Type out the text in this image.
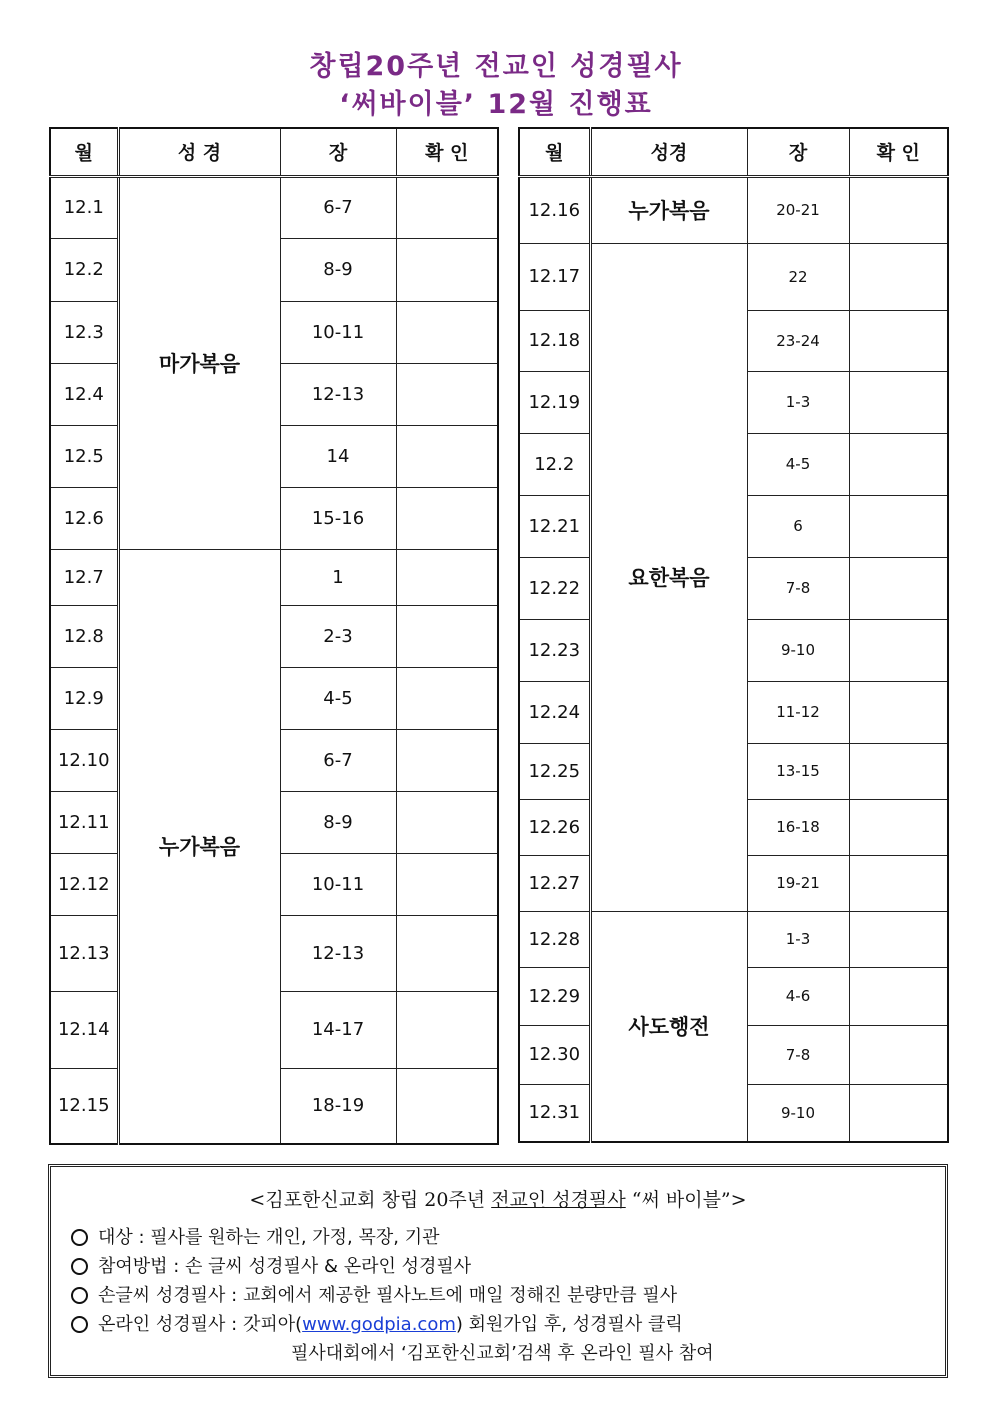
창립20주년 전교인 성경필사
‘써바이블’ 12월 진행표
월	성 경	장	확 인
12.1	마가복음	6-7	
12.2		8-9	
12.3		10-11	
12.4		12-13	
12.5		14	
12.6		15-16	
12.7	누가복음	1	
12.8		2-3	
12.9		4-5	
12.10		6-7	
12.11		8-9	
12.12		10-11	
12.13		12-13	
12.14		14-17	
12.15		18-19	
월	성경	장	확 인
12.16	누가복음	20-21	
12.17	요한복음	22	
12.18		23-24	
12.19		1-3	
12.2		4-5	
12.21		6	
12.22		7-8	
12.23		9-10	
12.24		11-12	
12.25		13-15	
12.26		16-18	
12.27		19-21	
12.28	사도행전	1-3	
12.29		4-6	
12.30		7-8	
12.31		9-10	
<김포한신교회 창립 20주년 전교인 성경필사 “써 바이블”>
대상 : 필사를 원하는 개인, 가정, 목장, 기관
참여방법 : 손 글씨 성경필사 & 온라인 성경필사
손글씨 성경필사 : 교회에서 제공한 필사노트에 매일 정해진 분량만큼 필사
온라인 성경필사 : 갓피아(www.godpia.com) 회원가입 후, 성경필사 클릭
필사대회에서 ‘김포한신교회’검색 후 온라인 필사 참여
